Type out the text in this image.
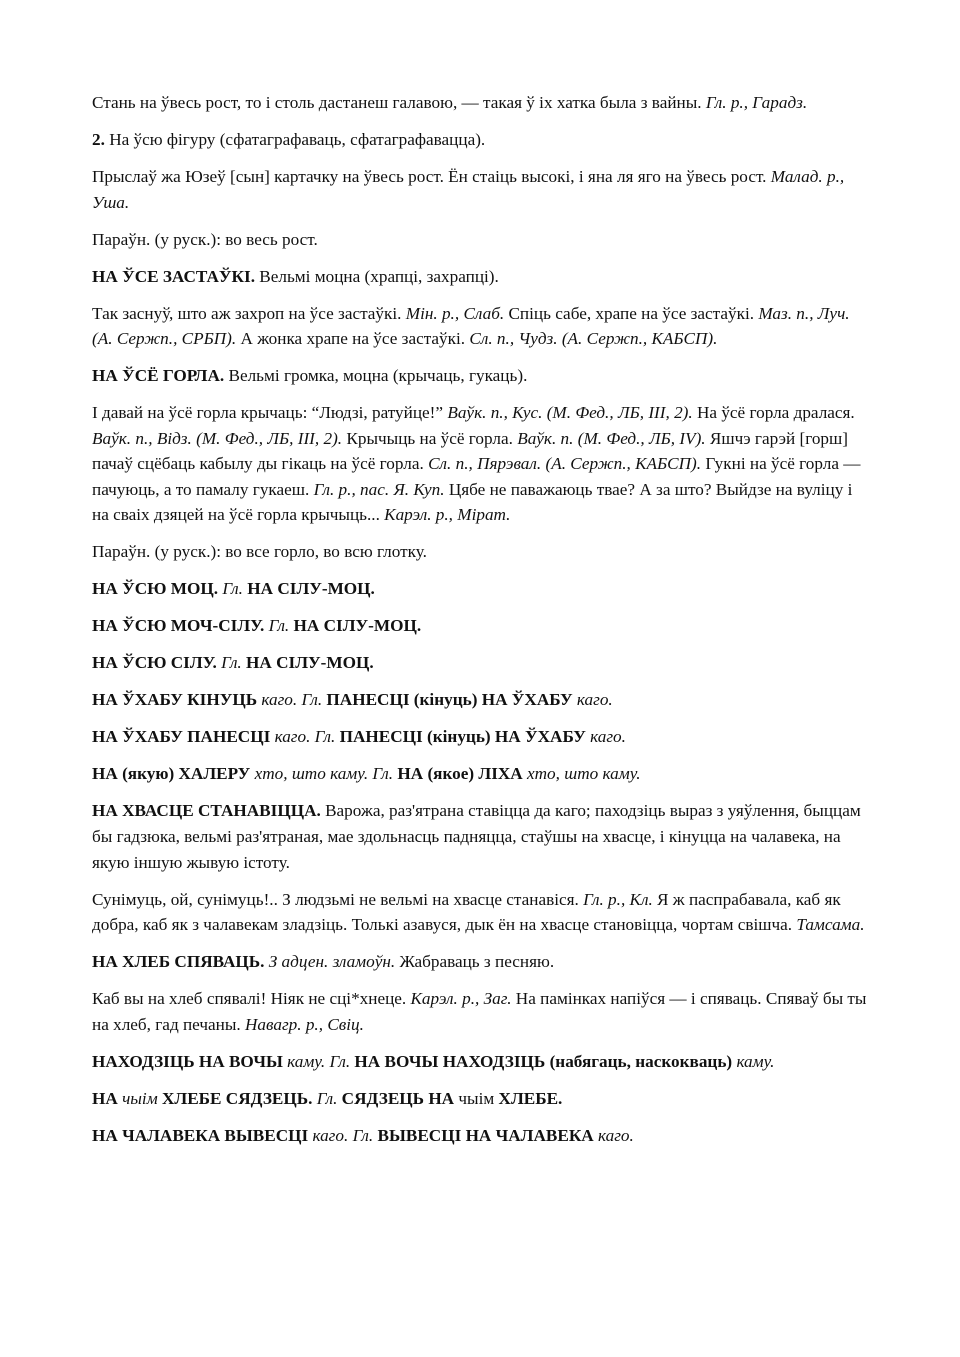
Стань на ўвесь рост, то і столь дастанеш галавою, — такая ў іх хатка была з вайны. Гл. р., Гарадз.

2. На ўсю фігуру (сфатаграфаваць, сфатаграфавацца).

Прыслаў жа Юзеў [сын] картачку на ўвесь рост. Ён стаіць высокі, і яна ля яго на ўвесь рост. Малад. р., Уша.

Параўн. (у руск.): во весь рост.

НА ЎСЕ ЗАСТАЎКІ. Вельмі моцна (храпці, захрапці).

Так заснуў, што аж захроп на ўсе застаўкі. Мін. р., Слаб. Спіць сабе, храпе на ўсе застаўкі. Маз. п., Луч. (А. Сержп., СРБП). А жонка храпе на ўсе застаўкі. Сл. п., Чудз. (А. Сержп., КАБСП).

НА ЎСЁ ГОРЛА. Вельмі громка, моцна (крычаць, гукаць).

І давай на ўсё горла крычаць: “Людзі, ратуйце!” Ваўк. п., Кус. (М. Фед., ЛБ, ІІІ, 2). На ўсё горла дралася. Ваўк. п., Відз. (М. Фед., ЛБ, ІІІ, 2). Крычыць на ўсё горла. Ваўк. п. (М. Фед., ЛБ, IV). Яшчэ гарэй [горш] пачаў сцёбаць кабылу ды гікаць на ўсё горла. Сл. п., Пярэвал. (А. Сержп., КАБСП). Гукні на ўсё горла — пачуюць, а то памалу гукаеш. Гл. р., пас. Я. Куп. Цябе не паважаюць тваe? А за што? Выйдзе на вуліцу і на сваіх дзяцей на ўсё горла крычыць... Карэл. р., Мірат.

Параўн. (у руск.): во все горло, во всю глотку.

НА ЎСЮ МОЦ. Гл. НА СІЛУ-МОЦ.

НА ЎСЮ МОЧ-СІЛУ. Гл. НА СІЛУ-МОЦ.

НА ЎСЮ СІЛУ. Гл. НА СІЛУ-МОЦ.

НА ЎХАБУ КІНУЦЬ каго. Гл. ПАНЕСЦІ (кінуць) НА ЎХАБУ каго.

НА ЎХАБУ ПАНЕСЦІ каго. Гл. ПАНЕСЦІ (кінуць) НА ЎХАБУ каго.

НА (якую) ХАЛЕРУ хто, што каму. Гл. НА (якое) ЛІХА хто, што каму.

НА ХВАСЦЕ СТАНАВІЦЦА. Варожа, раз'ятрана ставіцца да каго; паходзіць выраз з уяўлення, быццам бы гадзюка, вельмі раз'ятраная, мае здольнасць падняцца, стаўшы на хвасце, і кінуцца на чалавека, на якую іншую жывую істоту.

Сунімуць, ой, сунімуць!.. З людзьмі не вельмі на хвасце станавіся. Гл. р., Кл. Я ж паспрабавала, каб як добра, каб як з чалавекам зладзіць. Толькі азавуся, дык ён на хвасце становіцца, чортам свішча. Тамсама.

НА ХЛЕБ СПЯВАЦЬ. З адцен. зламоўн. Жабраваць з песняю.

Каб вы на хлеб спявалі! Ніяк не сці*хнеце. Карэл. р., Заг. На памінках напіўся — і спяваць. Спяваў бы ты на хлеб, гад печаны. Навагр. р., Свіц.

НАХОДЗІЦЬ НА ВОЧЫ каму. Гл. НА ВОЧЫ НАХОДЗІЦЬ (набягаць, наскокваць) каму.

НА чыім ХЛЕБЕ СЯДЗЕЦЬ. Гл. СЯДЗЕЦЬ НА чыім ХЛЕБЕ.

НА ЧАЛАВЕКА ВЫВЕСЦІ каго. Гл. ВЫВЕСЦІ НА ЧАЛАВЕКА каго.
